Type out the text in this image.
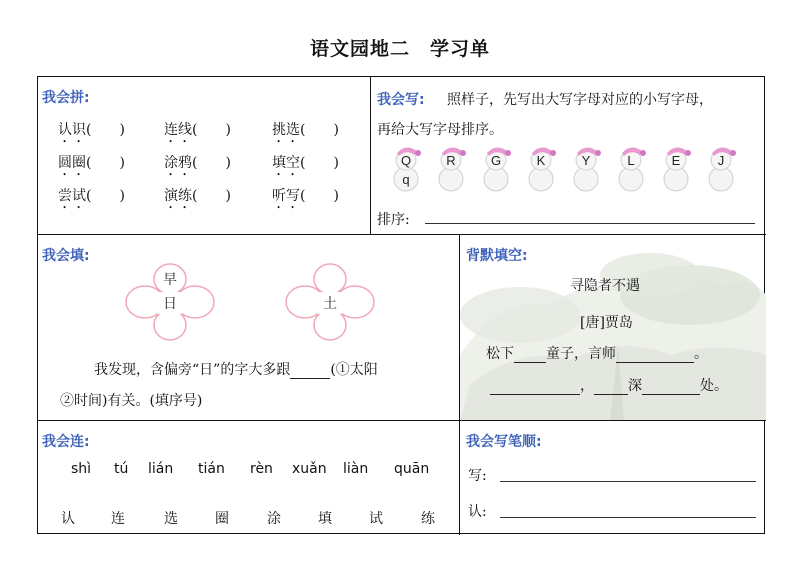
语文园地二　学习单
我会拼:
认识(　　)	连线(　　)	挑选(　　)
圆圈(　　)	涂鸦(　　)	填空(　　)
尝试(　　)	演练(　　)	听写(　　)
我会写: 照样子，先写出大写字母对应的小写字母，
再给大写字母排序。
Q	R	G	K	Y	L	E	J
q
排序:
我会填:
早
日	土
我发现，含偏旁“日”的字大多跟	(①太阳
②时间)有关。(填序号)
背默填空:
寻隐者不遇
[唐]贾岛
松下 童子，言师	。
， 深	处。
我会连:
shì tú lián tián rèn xuǎn liàn quān
认	连	选	圈	涂	填	试	练
我会写笔顺:
写:
认:
